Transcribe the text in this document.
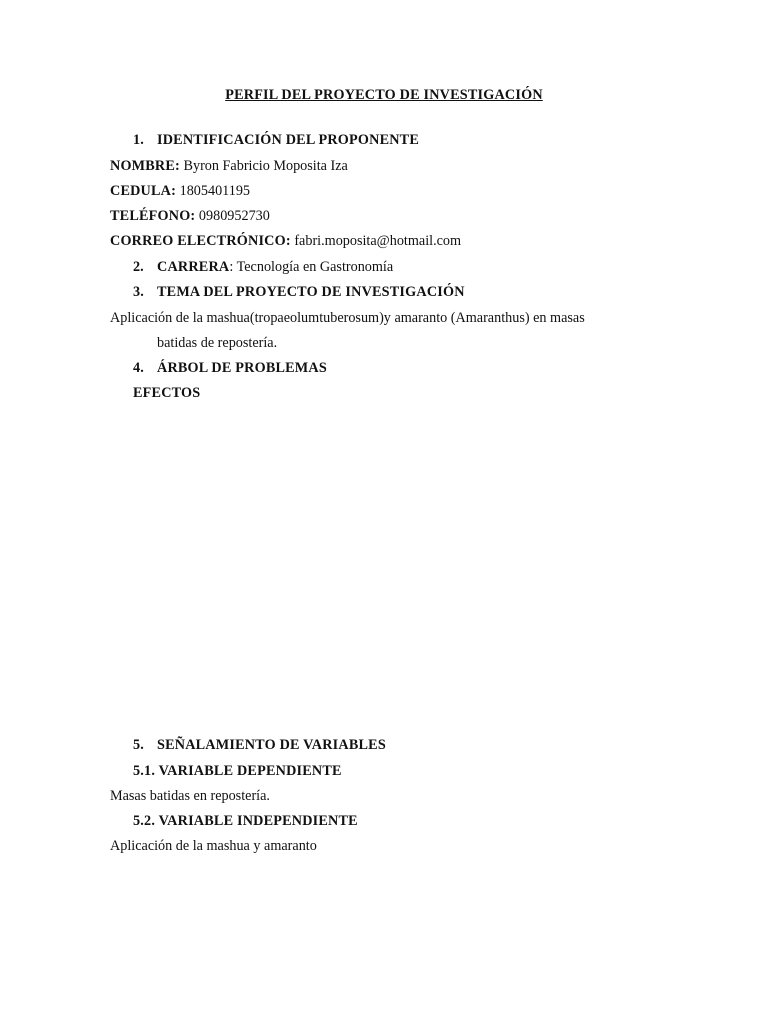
PERFIL DEL PROYECTO DE INVESTIGACIÓN
1. IDENTIFICACIÓN DEL PROPONENTE
NOMBRE: Byron Fabricio Moposita Iza
CEDULA: 1805401195
TELÉFONO: 0980952730
CORREO ELECTRÓNICO: fabri.moposita@hotmail.com
2. CARRERA: Tecnología en Gastronomía
3. TEMA DEL PROYECTO DE INVESTIGACIÓN
Aplicación de la mashua(tropaeolumtuberosum)y amaranto (Amaranthus) en masas
batidas de repostería.
4. ÁRBOL DE PROBLEMAS
EFECTOS
5. SEÑALAMIENTO DE VARIABLES
5.1. VARIABLE DEPENDIENTE
Masas batidas en repostería.
5.2. VARIABLE INDEPENDIENTE
Aplicación de la mashua y amaranto
